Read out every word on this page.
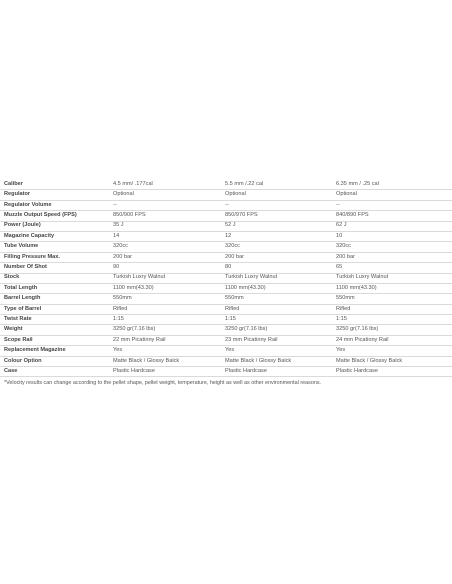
Caliber	4.5 mm/ .177cal	5.5 mm /.22 cal	6.35 mm / .25 cal
Regulator	Optional	Optional	Optional
Regulator Volume	--	--	--
Muzzle Output Speed (FPS)	850/900 FPS	850/970 FPS	840/890 FPS
Power (Joule)	35 J	52 J	62 J
Magazine Capacity	14	12	10
Tube Volume	320cc	320cc	320cc
Filling Pressure Max.	200 bar	200 bar	200 bar
Number Of Shot	90	80	65
Stock	Turkish Luxry Walnut	Turkish Luxry Walnut	Turkish Luxry Walnut
Total Length	1100 mm(43.30)	1100 mm(43.30)	1100 mm(43.30)
Barrel Length	550mm	550mm	550mm
Type of Barrel	Rifled	Rifled	Rifled
Twist Rate	1:15	1:15	1:15
Weight	3250 gr(7.16 lbs)	3250 gr(7.16 lbs)	3250 gr(7.16 lbs)
Scope Rail	22 mm Picatinny Rail	23 mm Picatinny Rail	24 mm Picatinny Rail
Replacement Magazine	Yes	Yes	Yes
Colour Option	Matte Black / Glossy Balck	Matte Black / Glossy Balck	Matte Black / Glossy Balck
Case	Plastic Hardcase	Plastic Hardcase	Plastic Hardcase
*Velocity results can change according to the pellet shape, pellet weight, temperature, height as well as other environmental reasons.
